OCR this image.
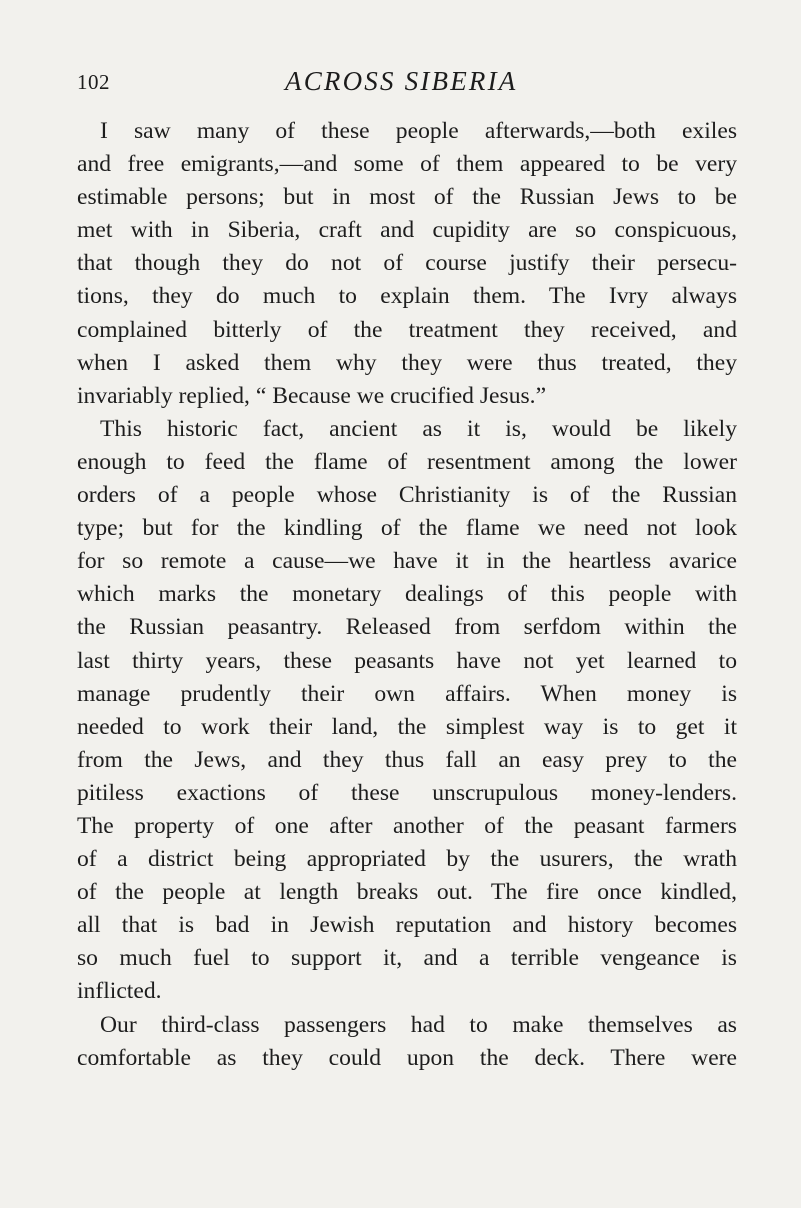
102	ACROSS SIBERIA
I saw many of these people afterwards,—both exiles
and free emigrants,—and some of them appeared to be very
estimable persons; but in most of the Russian Jews to be
met with in Siberia, craft and cupidity are so conspicuous,
that though they do not of course justify their persecu-
tions, they do much to explain them. The Ivry always
complained bitterly of the treatment they received, and
when I asked them why they were thus treated, they
invariably replied, “ Because we crucified Jesus.”
This historic fact, ancient as it is, would be likely
enough to feed the flame of resentment among the lower
orders of a people whose Christianity is of the Russian
type; but for the kindling of the flame we need not look
for so remote a cause—we have it in the heartless avarice
which marks the monetary dealings of this people with
the Russian peasantry. Released from serfdom within the
last thirty years, these peasants have not yet learned to
manage prudently their own affairs. When money is
needed to work their land, the simplest way is to get it
from the Jews, and they thus fall an easy prey to the
pitiless exactions of these unscrupulous money-lenders.
The property of one after another of the peasant farmers
of a district being appropriated by the usurers, the wrath
of the people at length breaks out. The fire once kindled,
all that is bad in Jewish reputation and history becomes
so much fuel to support it, and a terrible vengeance is
inflicted.
Our third-class passengers had to make themselves as
comfortable as they could upon the deck. There were
